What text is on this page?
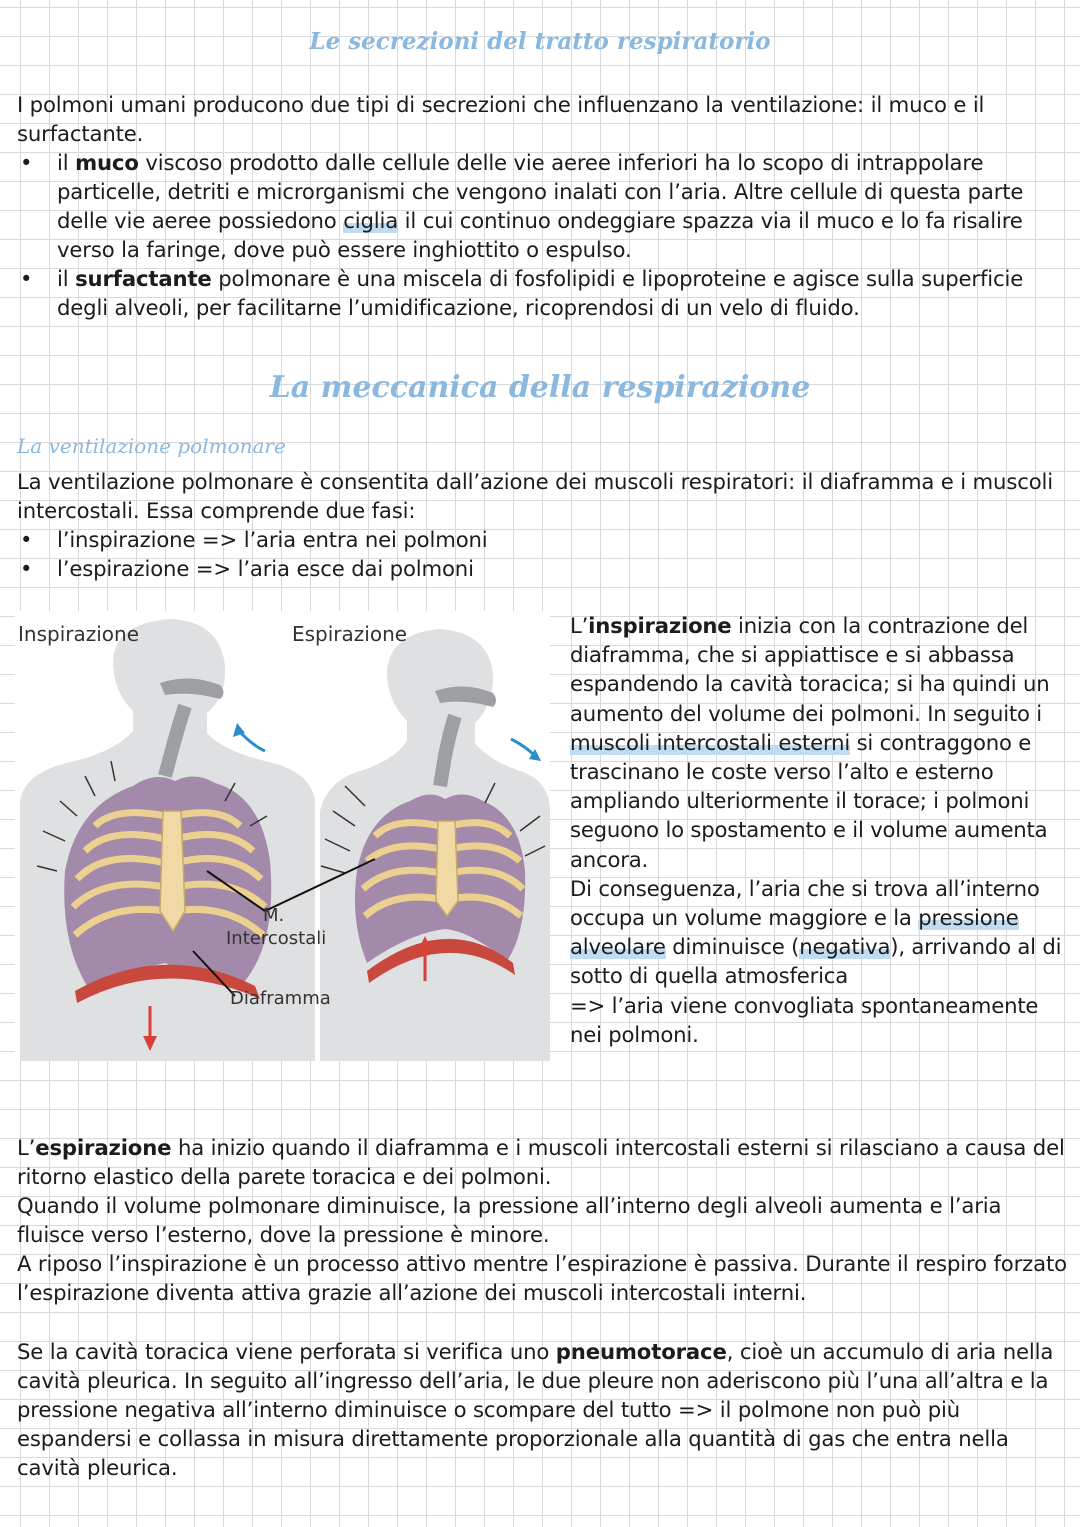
Le secrezioni del tratto respiratorio

I polmoni umani producono due tipi di secrezioni che influenzano la ventilazione: il muco e il surfactante.

• il muco viscoso prodotto dalle cellule delle vie aeree inferiori ha lo scopo di intrappolare particelle, detriti e microrganismi che vengono inalati con l’aria. Altre cellule di questa parte delle vie aeree possiedono ciglia il cui continuo ondeggiare spazza via il muco e lo fa risalire verso la faringe, dove può essere inghiottito o espulso.

• il surfactante polmonare è una miscela di fosfolipidi e lipoproteine e agisce sulla superficie degli alveoli, per facilitarne l’umidificazione, ricoprendosi di un velo di fluido.

La meccanica della respirazione
La ventilazione polmonare

La ventilazione polmonare è consentita dall’azione dei muscoli respiratori: il diaframma e i muscoli intercostali. Essa comprende due fasi:

• l’inspirazione => l’aria entra nei polmoni

• l’espirazione => l’aria esce dai polmoni

Inspirazione	Espirazione
M.
Intercostali
Diaframma

L’inspirazione inizia con la contrazione del diaframma, che si appiattisce e si abbassa espandendo la cavità toracica; si ha quindi un aumento del volume dei polmoni. In seguito i muscoli intercostali esterni si contraggono e trascinano le coste verso l’alto e esterno ampliando ulteriormente il torace; i polmoni seguono lo spostamento e il volume aumenta ancora.

Di conseguenza, l’aria che si trova all’interno occupa un volume maggiore e la pressione alveolare diminuisce (negativa), arrivando al di sotto di quella atmosferica

=> l’aria viene convogliata spontaneamente nei polmoni.

L’espirazione ha inizio quando il diaframma e i muscoli intercostali esterni si rilasciano a causa del ritorno elastico della parete toracica e dei polmoni.

Quando il volume polmonare diminuisce, la pressione all’interno degli alveoli aumenta e l’aria fluisce verso l’esterno, dove la pressione è minore.

A riposo l’inspirazione è un processo attivo mentre l’espirazione è passiva. Durante il respiro forzato l’espirazione diventa attiva grazie all’azione dei muscoli intercostali interni.

Se la cavità toracica viene perforata si verifica uno pneumotorace, cioè un accumulo di aria nella cavità pleurica. In seguito all’ingresso dell’aria, le due pleure non aderiscono più l’una all’altra e la pressione negativa all’interno diminuisce o scompare del tutto => il polmone non può più espandersi e collassa in misura direttamente proporzionale alla quantità di gas che entra nella cavità pleurica.
